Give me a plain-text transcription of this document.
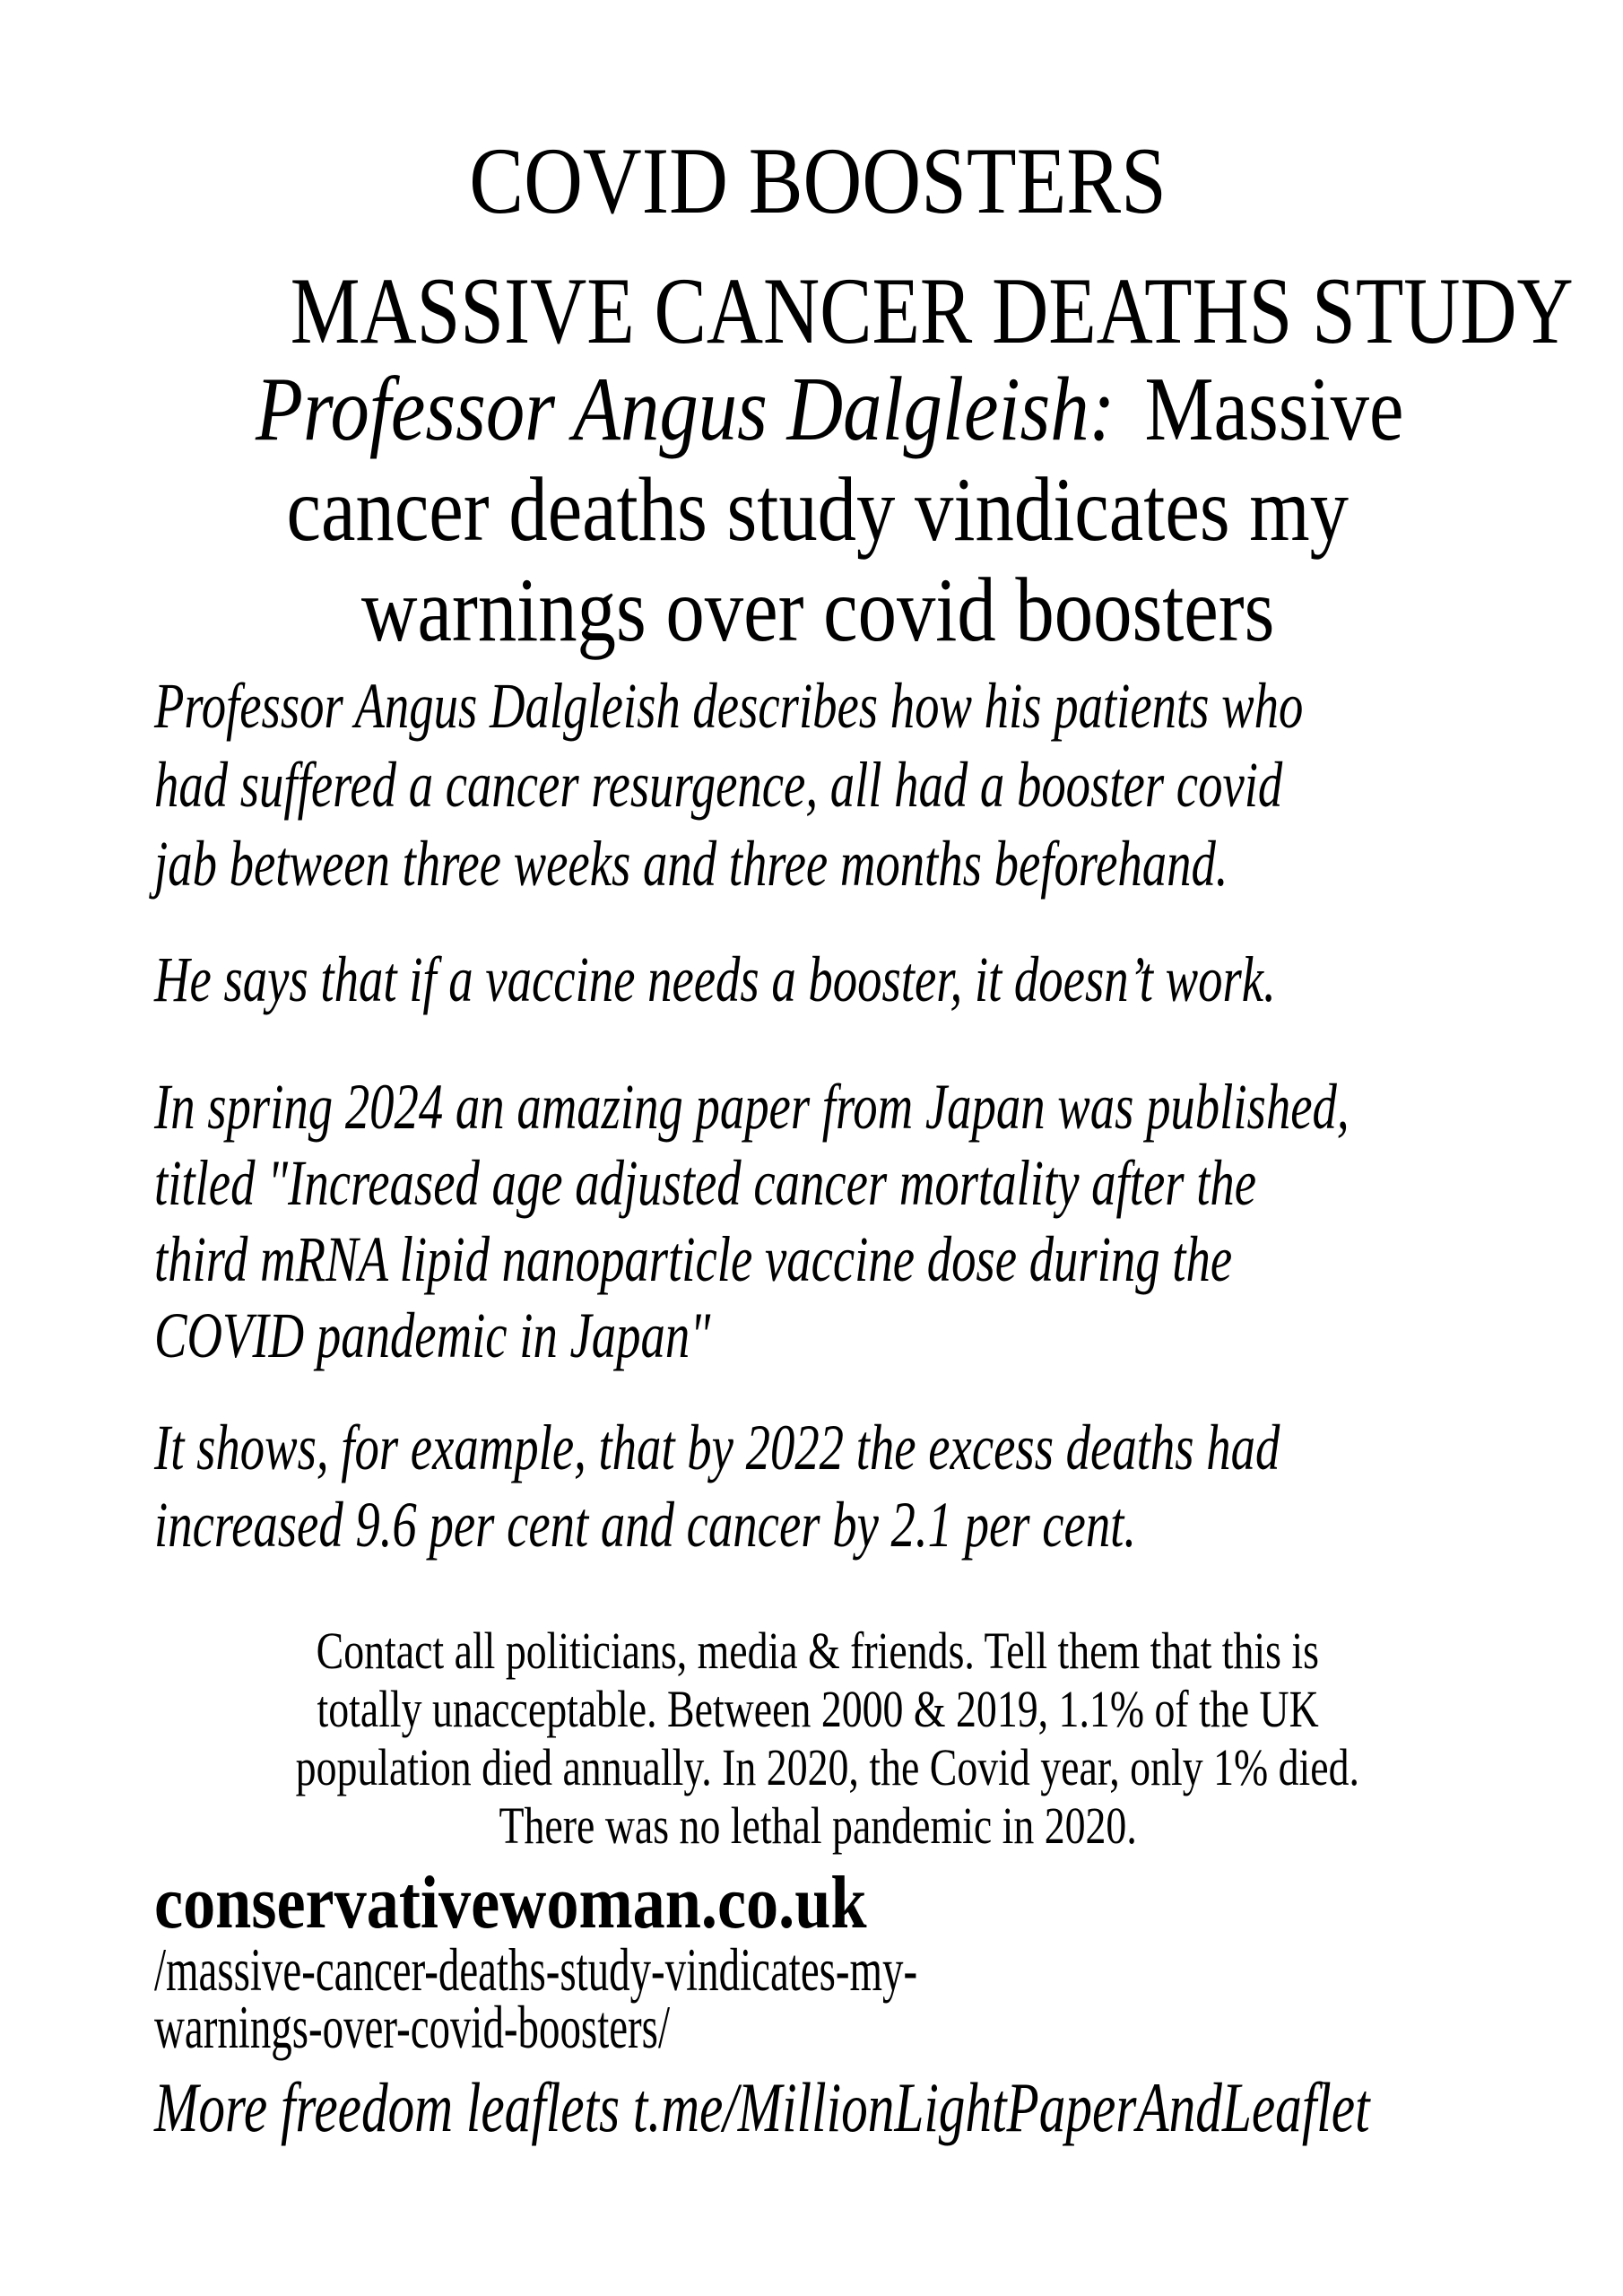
COVID BOOSTERS
MASSIVE CANCER DEATHS STUDY
Professor Angus Dalgleish: Massive
cancer deaths study vindicates my
warnings over covid boosters
Professor Angus Dalgleish describes how his patients who
had suffered a cancer resurgence, all had a booster covid
jab between three weeks and three months beforehand.
He says that if a vaccine needs a booster, it doesn’t work.
In spring 2024 an amazing paper from Japan was published,
titled "Increased age adjusted cancer mortality after the
third mRNA lipid nanoparticle vaccine dose during the
COVID pandemic in Japan"
It shows, for example, that by 2022 the excess deaths had
increased 9.6 per cent and cancer by 2.1 per cent.
Contact all politicians, media & friends. Tell them that this is
totally unacceptable. Between 2000 & 2019, 1.1% of the UK
population died annually. In 2020, the Covid year, only 1% died.
There was no lethal pandemic in 2020.
conservativewoman.co.uk
/massive-cancer-deaths-study-vindicates-my-
warnings-over-covid-boosters/
More freedom leaflets t.me/MillionLightPaperAndLeaflet
